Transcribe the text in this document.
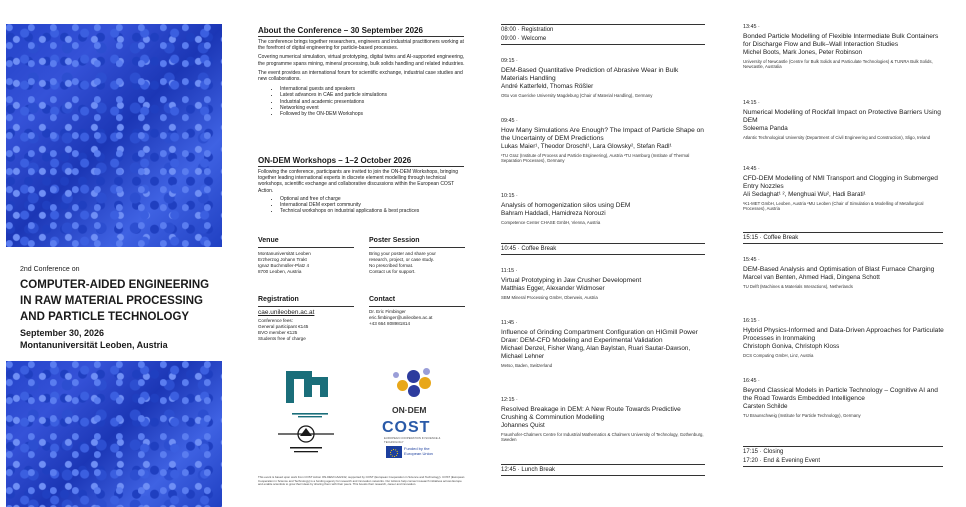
2nd Conference on
COMPUTER-AIDED ENGINEERING
IN RAW MATERIAL PROCESSING
AND PARTICLE TECHNOLOGY
September 30, 2026
Montanuniversität Leoben, Austria
About the Conference – 30 September 2026

The conference brings together researchers, engineers and industrial practitioners working at the forefront of digital engineering for particle-based processes.

Covering numerical simulation, virtual prototyping, digital twins and AI-supported engineering, the programme spans mining, mineral processing, bulk solids handling and related industries.

The event provides an international forum for scientific exchange, industrial case studies and new collaborations.

• International guests and speakers
• Latest advances in CAE and particle simulations
• Industrial and academic presentations
• Networking event
• Followed by the ON-DEM Workshops
ON-DEM Workshops – 1–2 October 2026

Following the conference, participants are invited to join the ON-DEM Workshops, bringing together leading international experts in discrete element modelling through technical workshops, scientific exchange and collaborative discussions within the European COST Action.

• Optional and free of charge
• International DEM expert community
• Technical workshops on industrial applications & best practices
Venue
Montanuniversität Leoben
Erzherzog Johann Trakt
Ignaz Buchmüller-Platz 4
8700 Leoben, Austria
Poster Session
Bring your poster and share your
research, project, or case study.
No prescribed format.
Contact us for support.
Registration
cae.unileoben.ac.at
Conference fees:
General participant €145
BVO member €125
Students free of charge
Contact
Dr. Eric Fimbinger
eric.fimbinger@unileoben.ac.at
+43 664 808981814
ON·DEM
COST
EUROPEAN COOPERATION IN SCIENCE & TECHNOLOGY
Funded by the European Union
This event is based upon work from COST Action ON-DEM CA22132, supported by COST (European Cooperation in Science and Technology). COST (European Cooperation in Science and Technology) is a funding agency for research and innovation networks. Our Actions help connect research initiatives across Europe and enable scientists to grow their ideas by sharing them with their peers. This boosts their research, career and innovation.
08:00 · Registration
09:00 · Welcome
09:15 ·
DEM-Based Quantitative Prediction of Abrasive Wear in Bulk Materials Handling
André Katterfeld, Thomas Rößler
Otto von Guericke University Magdeburg (Chair of Material Handling), Germany
09:45 ·
How Many Simulations Are Enough? The Impact of Particle Shape on the Uncertainty of DEM Predictions
Lukas Maier¹, Theodor Droschl¹, Lara Glowsky², Stefan Radl¹
¹TU Graz (Institute of Process and Particle Engineering), Austria ²TU Hamburg (Institute of Thermal Separation Processes), Germany
10:15 ·
Analysis of homogenization silos using DEM
Bahram Haddadi, Hamidreza Norouzi
Competence Center CHASE GmbH, Vienna, Austria
10:45 · Coffee Break
11:15 ·
Virtual Prototyping in Jaw Crusher Development
Matthias Egger, Alexander Widmoser
SBM Mineral Processing GmbH, Oberweis, Austria
11:45 ·
Influence of Grinding Compartment Configuration on HIGmill Power Draw: DEM-CFD Modeling and Experimental Validation
Michael Denzel, Fisher Wang, Alan Baylstan, Ruari Sautar-Dawson, Michael Lehner
Metso, Baden, Switzerland
12:15 ·
Resolved Breakage in DEM: A New Route Towards Predictive Crushing & Comminution Modelling
Johannes Quist
Fraunhofer-Chalmers Centre for Industrial Mathematics & Chalmers University of Technology, Gothenburg, Sweden
12:45 · Lunch Break
13:45 ·
Bonded Particle Modelling of Flexible Intermediate Bulk Containers for Discharge Flow and Bulk–Wall Interaction Studies
Michel Boots, Mark Jones, Peter Robinson
University of Newcastle (Centre for Bulk Solids and Particulate Technologies) & TUNRA Bulk Solids, Newcastle, Australia
14:15 ·
Numerical Modelling of Rockfall Impact on Protective Barriers Using DEM
Soleema Panda
Atlantic Technological University (Department of Civil Engineering and Construction), Sligo, Ireland
14:45 ·
CFD-DEM Modelling of NMI Transport and Clogging in Submerged Entry Nozzles
Ali Sedaghat¹ ², Menghuai Wu², Hadi Barati¹
¹K1-MET GmbH, Leoben, Austria ²MU Leoben (Chair of Simulation & Modelling of Metallurgical Processes), Austria
15:15 · Coffee Break
15:45 ·
DEM-Based Analysis and Optimisation of Blast Furnace Charging
Marcel van Benten, Ahmed Hadi, Dingena Schott
TU Delft (Machines & Materials Interactions), Netherlands
16:15 ·
Hybrid Physics-Informed and Data-Driven Approaches for Particulate Processes in Ironmaking
Christoph Goniva, Christoph Kloss
DCS Computing GmbH, Linz, Austria
16:45 ·
Beyond Classical Models in Particle Technology – Cognitive AI and the Road Towards Embedded Intelligence
Carsten Schilde
TU Braunschweig (Institute for Particle Technology), Germany
17:15 · Closing
17:20 · End & Evening Event
